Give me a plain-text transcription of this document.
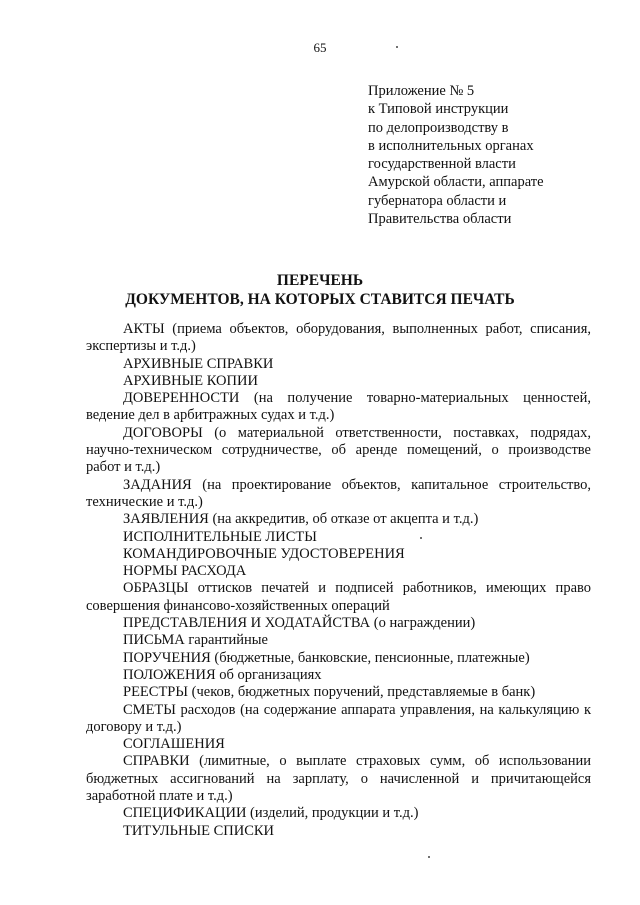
65
Приложение № 5
к Типовой инструкции
по делопроизводству в
в исполнительных органах
государственной власти
Амурской области, аппарате
губернатора области и
Правительства области
ПЕРЕЧЕНЬ
ДОКУМЕНТОВ, НА КОТОРЫХ СТАВИТСЯ ПЕЧАТЬ

АКТЫ (приема объектов, оборудования, выполненных работ, списания, экспертизы и т.д.)

АРХИВНЫЕ СПРАВКИ

АРХИВНЫЕ КОПИИ

ДОВЕРЕННОСТИ (на получение товарно-материальных ценностей, ведение дел в арбитражных судах и т.д.)

ДОГОВОРЫ (о материальной ответственности, поставках, подрядах, научно-техническом сотрудничестве, об аренде помещений, о производстве работ и т.д.)

ЗАДАНИЯ (на проектирование объектов, капитальное строительство, технические и т.д.)

ЗАЯВЛЕНИЯ (на аккредитив, об отказе от акцепта и т.д.)

ИСПОЛНИТЕЛЬНЫЕ ЛИСТЫ

КОМАНДИРОВОЧНЫЕ УДОСТОВЕРЕНИЯ

НОРМЫ РАСХОДА

ОБРАЗЦЫ оттисков печатей и подписей работников, имеющих право совершения финансово-хозяйственных операций

ПРЕДСТАВЛЕНИЯ И ХОДАТАЙСТВА (о награждении)

ПИСЬМА гарантийные

ПОРУЧЕНИЯ (бюджетные, банковские, пенсионные, платежные)

ПОЛОЖЕНИЯ об организациях

РЕЕСТРЫ (чеков, бюджетных поручений, представляемые в банк)

СМЕТЫ расходов (на содержание аппарата управления, на калькуляцию к договору и т.д.)

СОГЛАШЕНИЯ

СПРАВКИ (лимитные, о выплате страховых сумм, об использовании бюджетных ассигнований на зарплату, о начисленной и причитающейся заработной плате и т.д.)

СПЕЦИФИКАЦИИ (изделий, продукции и т.д.)

ТИТУЛЬНЫЕ СПИСКИ
